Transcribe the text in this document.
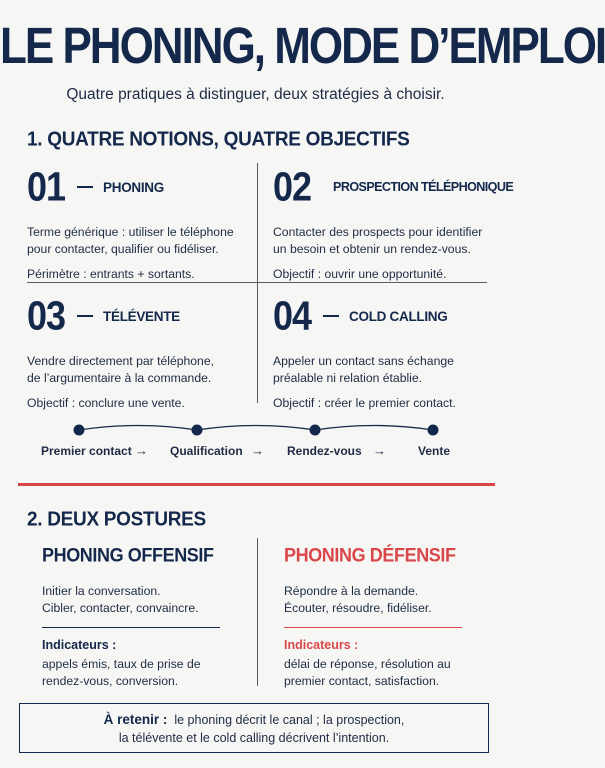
LE PHONING, MODE D’EMPLOI
Quatre pratiques à distinguer, deux stratégies à choisir.
1. QUATRE NOTIONS, QUATRE OBJECTIFS
01	PHONING
Terme générique : utiliser le téléphone
pour contacter, qualifier ou fidéliser.
Périmètre : entrants + sortants.
02 PROSPECTION TÉLÉPHONIQUE
Contacter des prospects pour identifier
un besoin et obtenir un rendez-vous.
Objectif : ouvrir une opportunité.
03	TÉLÉVENTE
Vendre directement par téléphone,
de l’argumentaire à la commande.
Objectif : conclure une vente.
04	COLD CALLING
Appeler un contact sans échange
préalable ni relation établie.
Objectif : créer le premier contact.
Premier contact → Qualification → Rendez-vous →	Vente
2. DEUX POSTURES
PHONING OFFENSIF
Initier la conversation.
Cibler, contacter, convaincre.
Indicateurs :
appels émis, taux de prise de
rendez-vous, conversion.
PHONING DÉFENSIF
Répondre à la demande.
Écouter, résoudre, fidéliser.
Indicateurs :
délai de réponse, résolution au
premier contact, satisfaction.
À retenir : le phoning décrit le canal ; la prospection,
la télévente et le cold calling décrivent l’intention.
